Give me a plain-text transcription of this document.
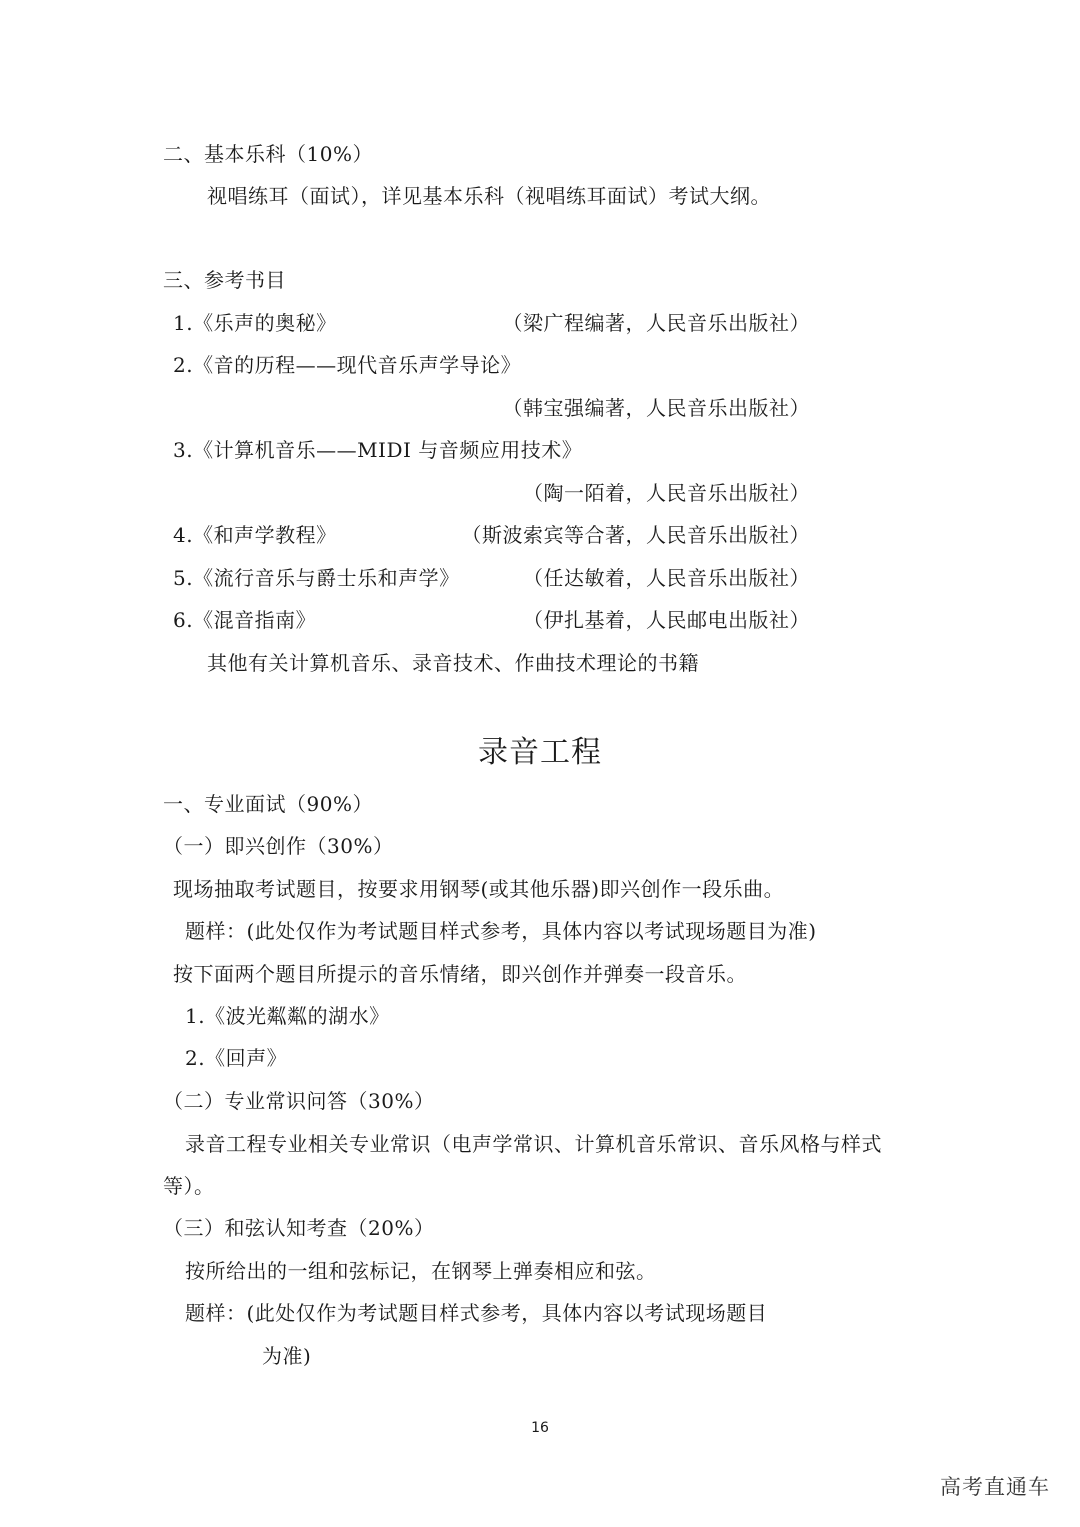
二、基本乐科（10%）
视唱练耳（面试），详见基本乐科（视唱练耳面试）考试大纲。
三、参考书目
1.《乐声的奥秘》	（梁广程编著，人民音乐出版社）
2.《音的历程——现代音乐声学导论》
（韩宝强编著，人民音乐出版社）
3.《计算机音乐——MIDI 与音频应用技术》
（陶一陌着，人民音乐出版社）
4.《和声学教程》	（斯波索宾等合著，人民音乐出版社）
5.《流行音乐与爵士乐和声学》	（任达敏着，人民音乐出版社）
6.《混音指南》	（伊扎基着，人民邮电出版社）
其他有关计算机音乐、录音技术、作曲技术理论的书籍
录音工程
一、专业面试（90%）
（一）即兴创作（30%）
现场抽取考试题目，按要求用钢琴(或其他乐器)即兴创作一段乐曲。
题样：(此处仅作为考试题目样式参考，具体内容以考试现场题目为准)
按下面两个题目所提示的音乐情绪，即兴创作并弹奏一段音乐。
1.《波光粼粼的湖水》
2.《回声》
（二）专业常识问答（30%）
录音工程专业相关专业常识（电声学常识、计算机音乐常识、音乐风格与样式
等）。
（三）和弦认知考查（20%）
按所给出的一组和弦标记，在钢琴上弹奏相应和弦。
题样：(此处仅作为考试题目样式参考，具体内容以考试现场题目
为准)
16
高考直通车
